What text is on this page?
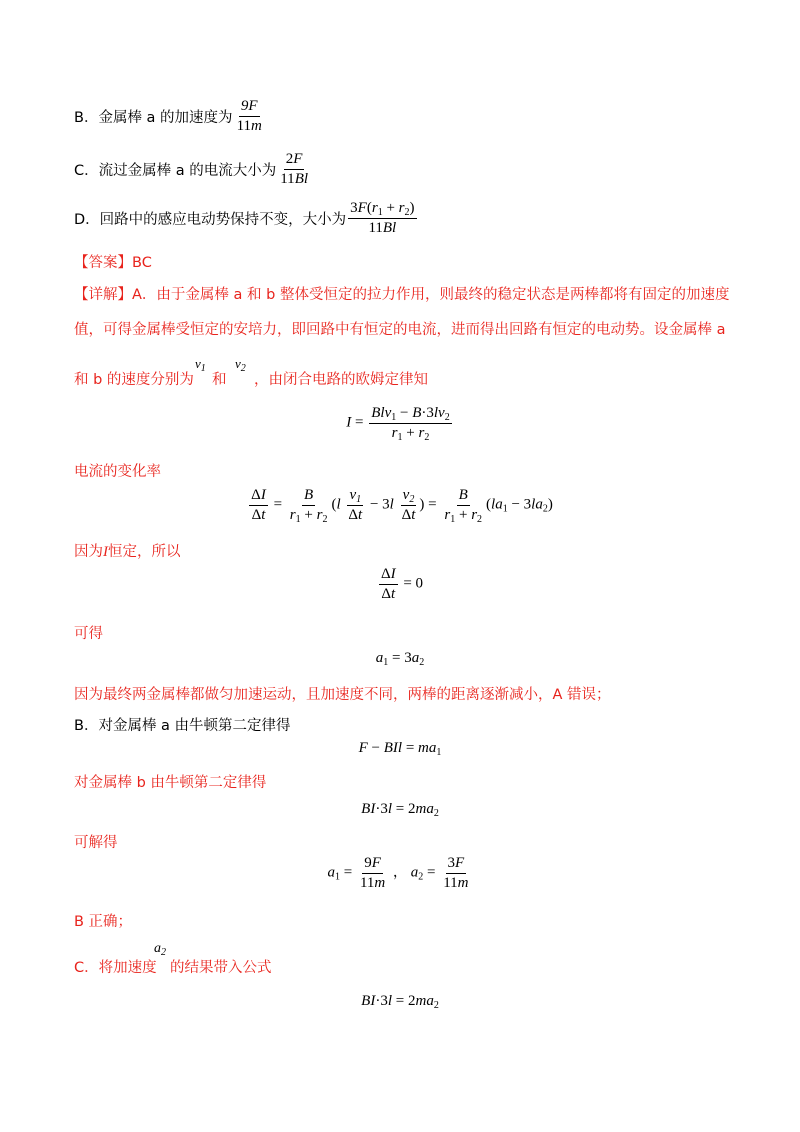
B．金属棒 a 的加速度为 $\frac{9F}{11m}$
C．流过金属棒 a 的电流大小为 $\frac{2F}{11Bl}$
D．回路中的感应电动势保持不变，大小为 $\frac{3F(r_1 + r_2)}{11Bl}$
【答案】BC
【详解】A．由于金属棒 a 和 b 整体受恒定的拉力作用，则最终的稳定状态是两棒都将有固定的加速度
值，可得金属棒受恒定的安培力，即回路中有恒定的电流，进而得出回路有恒定的电动势。设金属棒 a
和 b 的速度分别为
$v_1$
和
$v_2$
，由闭合电路的欧姆定律知
$I = \frac{Blv_1 - B\cdot 3lv_2}{r_1 + r_2}$
电流的变化率
$\frac{\Delta I}{\Delta t} = \frac{B}{r_1 + r_2} (l \frac{v_1}{\Delta t} - 3l \frac{v_2}{\Delta t}$ ) = $\frac{B}{r_1 + r_2} (la_1 - 3la_2)$
因为I恒定，所以
$\frac{\Delta I}{\Delta t} = 0$
可得
$a_1 = 3a_2$
因为最终两金属棒都做匀加速运动，且加速度不同，两棒的距离逐渐减小，A 错误；
B．对金属棒 a 由牛顿第二定律得
F − BIl = $ma_1$
对金属棒 b 由牛顿第二定律得
$BI\cdot 3l = 2ma_2$
可解得
$a_1 = \frac{9F}{11m}$ ， $a_2 = \frac{3F}{11m}$
B 正确；
C．将加速度
$a_2$
的结果带入公式
$BI\cdot 3l = 2ma_2$
